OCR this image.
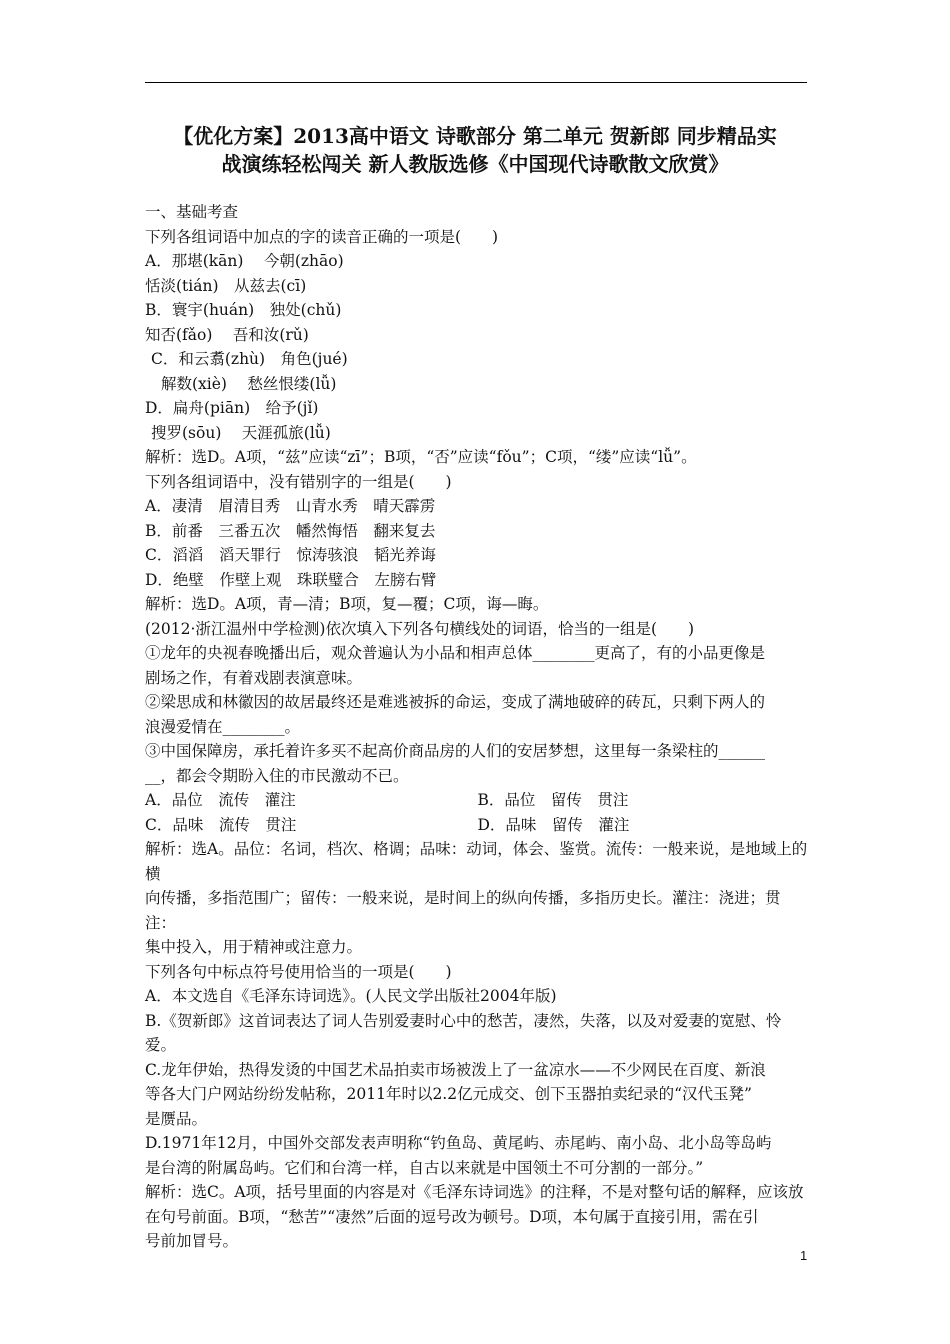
【优化方案】2013高中语文 诗歌部分 第二单元 贺新郎 同步精品实
战演练轻松闯关 新人教版选修《中国现代诗歌散文欣赏》

一、基础考查

下列各组词语中加点的字的读音正确的一项是(　　)

A．那堪(kān)　 今朝(zhāo)

恬淡(tián)　从兹去(cī)

B．寰宇(huán)　独处(chǔ)

知否(fǎo)　 吾和汝(rǔ)

C．和云翥(zhù)　角色(jué)

解数(xiè)　 愁丝恨缕(lǚ)

D．扁舟(piān)　给予(jǐ)

搜罗(sōu)　 天涯孤旅(lǚ)

解析：选D。A项，“兹”应读“zī”；B项，“否”应读“fǒu”；C项，“缕”应读“lǚ”。

下列各组词语中，没有错别字的一组是(　　)

A．凄清　眉清目秀　山青水秀　晴天霹雳

B．前番　三番五次　幡然悔悟　翻来复去

C．滔滔　滔天罪行　惊涛骇浪　韬光养诲

D．绝壁　作壁上观　珠联璧合　左膀右臂

解析：选D。A项，青—清；B项，复—覆；C项，诲—晦。

(2012·浙江温州中学检测)依次填入下列各句横线处的词语，恰当的一组是(　　)

①龙年的央视春晚播出后，观众普遍认为小品和相声总体________更高了，有的小品更像是

剧场之作，有着戏剧表演意味。

②梁思成和林徽因的故居最终还是难逃被拆的命运，变成了满地破碎的砖瓦，只剩下两人的

浪漫爱情在________。

③中国保障房，承托着许多买不起高价商品房的人们的安居梦想，这里每一条梁柱的______

__，都会令期盼入住的市民激动不已。

A．品位　流传　灌注	B．品位　留传　贯注

C．品味　流传　贯注	D．品味　留传　灌注

解析：选A。品位：名词，档次、格调；品味：动词，体会、鉴赏。流传：一般来说，是地域上的横

向传播，多指范围广；留传：一般来说，是时间上的纵向传播，多指历史长。灌注：浇进；贯注：

集中投入，用于精神或注意力。

下列各句中标点符号使用恰当的一项是(　　)

A．本文选自《毛泽东诗词选》。(人民文学出版社2004年版)

B.《贺新郎》这首词表达了词人告别爱妻时心中的愁苦，凄然，失落，以及对爱妻的宽慰、怜

爱。

C.龙年伊始，热得发烫的中国艺术品拍卖市场被泼上了一盆凉水——不少网民在百度、新浪

等各大门户网站纷纷发帖称，2011年时以2.2亿元成交、创下玉器拍卖纪录的“汉代玉凳”

是赝品。

D.1971年12月，中国外交部发表声明称“钓鱼岛、黄尾屿、赤尾屿、南小岛、北小岛等岛屿

是台湾的附属岛屿。它们和台湾一样，自古以来就是中国领土不可分割的一部分。”

解析：选C。A项，括号里面的内容是对《毛泽东诗词选》的注释，不是对整句话的解释，应该放

在句号前面。B项，“愁苦”“凄然”后面的逗号改为顿号。D项，本句属于直接引用，需在引

号前加冒号。

1
